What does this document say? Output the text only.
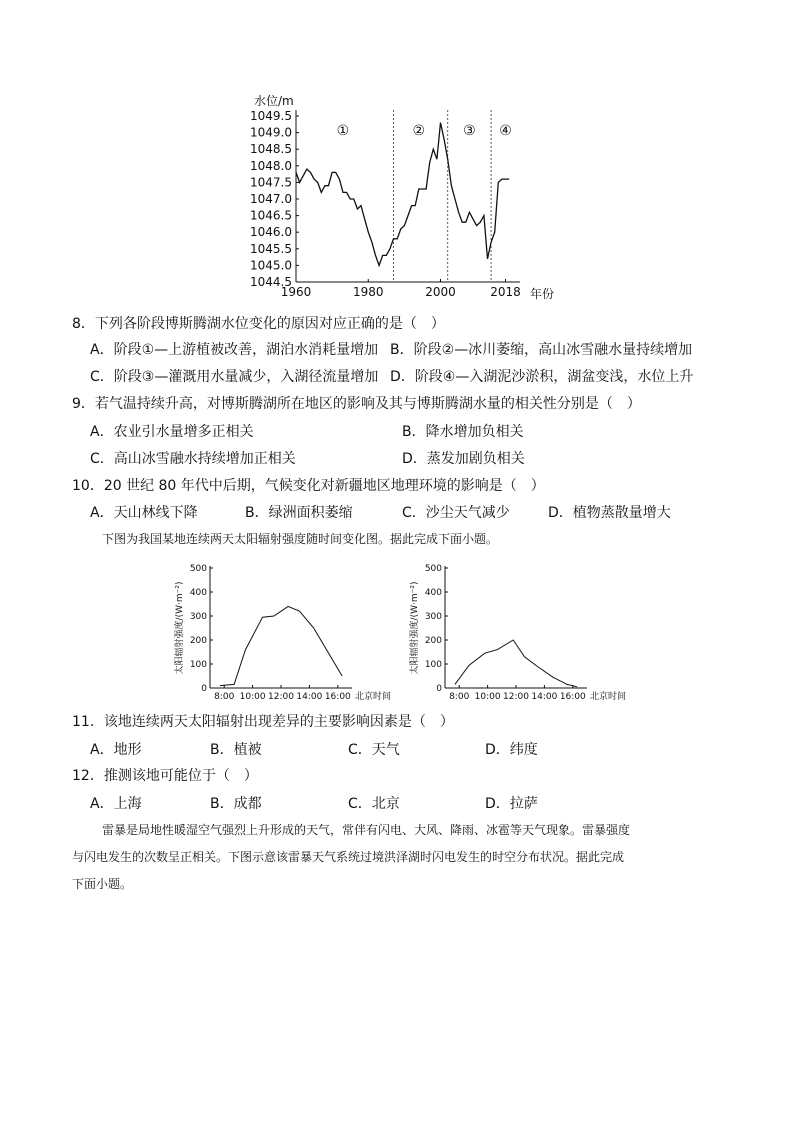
水位/m
1049.5
1049.0
1048.5
1048.0
1047.5
1047.0
1046.5
1046.0
1045.5
1045.0
1044.5
1960	1980	2000	2018
①	②	③ ④
年份
8．下列各阶段博斯腾湖水位变化的原因对应正确的是（　）
A．阶段①—上游植被改善，湖泊水消耗量增加 B．阶段②—冰川萎缩，高山冰雪融水量持续增加
C．阶段③—灌溉用水量减少，入湖径流量增加 D．阶段④—入湖泥沙淤积，湖盆变浅，水位上升
9．若气温持续升高，对博斯腾湖所在地区的影响及其与博斯腾湖水量的相关性分别是（　）
A．农业引水量增多正相关	B．降水增加负相关
C．高山冰雪融水持续增加正相关	D．蒸发加剧负相关
10．20 世纪 80 年代中后期，气候变化对新疆地区地理环境的影响是（　）
A．天山林线下降	B．绿洲面积萎缩	C．沙尘天气减少	D．植物蒸散量增大
下图为我国某地连续两天太阳辐射强度随时间变化图。据此完成下面小题。
0
100
200
300
400
500
8:00 10:00 12:00 14:00 16:00 北京时间
太阳辐射强度/(W·m⁻²)
0
100
200
300
400
500
8:00 10:00 12:00 14:00 16:00 北京时间
太阳辐射强度/(W·m⁻²)
11．该地连续两天太阳辐射出现差异的主要影响因素是（　）
A．地形	B．植被	C．天气	D．纬度
12．推测该地可能位于（　）
A．上海	B．成都	C．北京	D．拉萨
雷暴是局地性暖湿空气强烈上升形成的天气，常伴有闪电、大风、降雨、冰雹等天气现象。雷暴强度
与闪电发生的次数呈正相关。下图示意该雷暴天气系统过境洪泽湖时闪电发生的时空分布状况。据此完成
下面小题。
